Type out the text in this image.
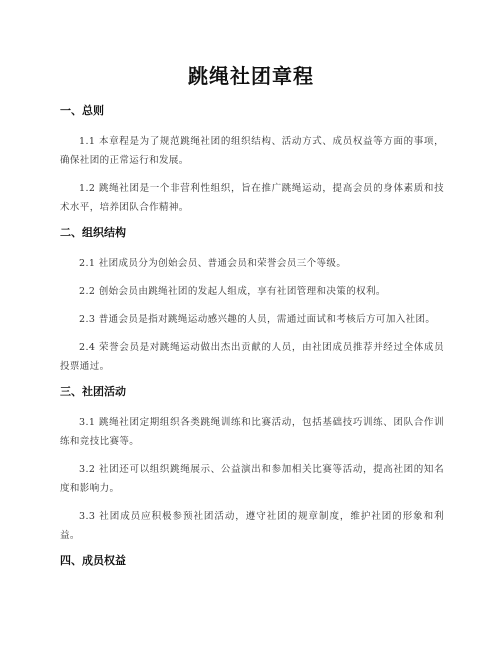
跳绳社团章程
一、总则

1.1 本章程是为了规范跳绳社团的组织结构、活动方式、成员权益等方面的事项，确保社团的正常运行和发展。

1.2 跳绳社团是一个非营利性组织，旨在推广跳绳运动，提高会员的身体素质和技术水平，培养团队合作精神。

二、组织结构

2.1 社团成员分为创始会员、普通会员和荣誉会员三个等级。

2.2 创始会员由跳绳社团的发起人组成，享有社团管理和决策的权利。

2.3 普通会员是指对跳绳运动感兴趣的人员，需通过面试和考核后方可加入社团。

2.4 荣誉会员是对跳绳运动做出杰出贡献的人员，由社团成员推荐并经过全体成员投票通过。

三、社团活动

3.1 跳绳社团定期组织各类跳绳训练和比赛活动，包括基础技巧训练、团队合作训练和竞技比赛等。

3.2 社团还可以组织跳绳展示、公益演出和参加相关比赛等活动，提高社团的知名度和影响力。

3.3 社团成员应积极参预社团活动，遵守社团的规章制度，维护社团的形象和利益。

四、成员权益
